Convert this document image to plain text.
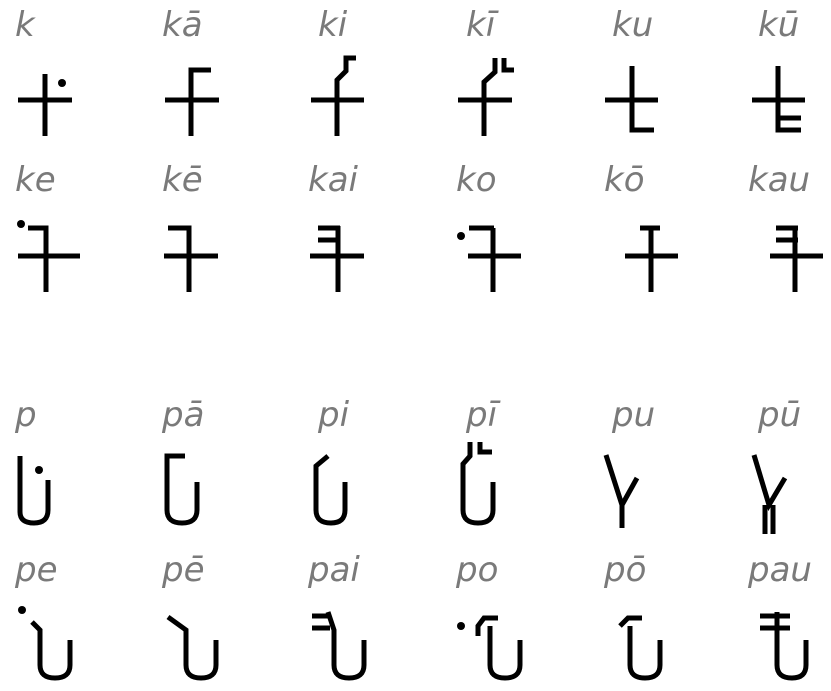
k	kā	ki	kī	ku	kū
ke	kē	kai	ko	kō	kau
p	pā	pi	pī	pu	pū
pe	pē	pai	po	pō	pau
